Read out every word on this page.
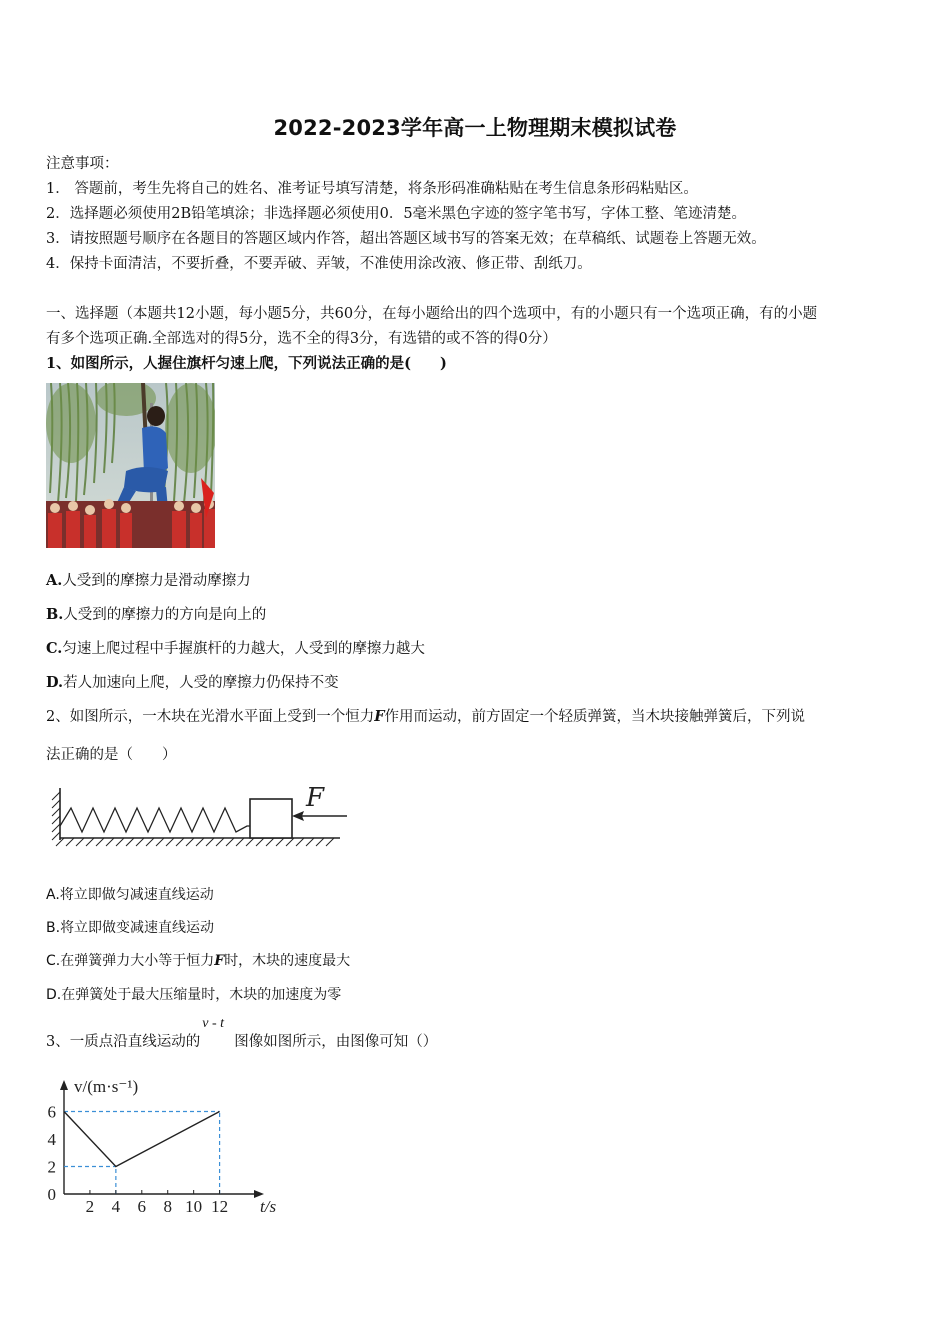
2022-2023学年高一上物理期末模拟试卷
注意事项：
1． 答题前，考生先将自己的姓名、准考证号填写清楚，将条形码准确粘贴在考生信息条形码粘贴区。
2．选择题必须使用2B铅笔填涂；非选择题必须使用0．5毫米黑色字迹的签字笔书写，字体工整、笔迹清楚。
3．请按照题号顺序在各题目的答题区域内作答，超出答题区域书写的答案无效；在草稿纸、试题卷上答题无效。
4．保持卡面清洁，不要折叠，不要弄破、弄皱，不准使用涂改液、修正带、刮纸刀。
一、选择题（本题共12小题，每小题5分，共60分，在每小题给出的四个选项中，有的小题只有一个选项正确，有的小题
有多个选项正确.全部选对的得5分，选不全的得3分，有选错的或不答的得0分）
1、如图所示，人握住旗杆匀速上爬，下列说法正确的是(　　)
A.人受到的摩擦力是滑动摩擦力
B.人受到的摩擦力的方向是向上的
C.匀速上爬过程中手握旗杆的力越大，人受到的摩擦力越大
D.若人加速向上爬，人受的摩擦力仍保持不变
2、如图所示，一木块在光滑水平面上受到一个恒力F作用而运动，前方固定一个轻质弹簧，当木块接触弹簧后，下列说
法正确的是（　　）
F
A.将立即做匀减速直线运动
B.将立即做变减速直线运动
C.在弹簧弹力大小等于恒力F时，木块的速度最大
D.在弹簧处于最大压缩量时，木块的加速度为零
3、一质点沿直线运动的
v - t
图像如图所示，由图像可知（）
v/(m·s⁻¹)
t/s
2 4 6 8 10 12
0
2
4
6
